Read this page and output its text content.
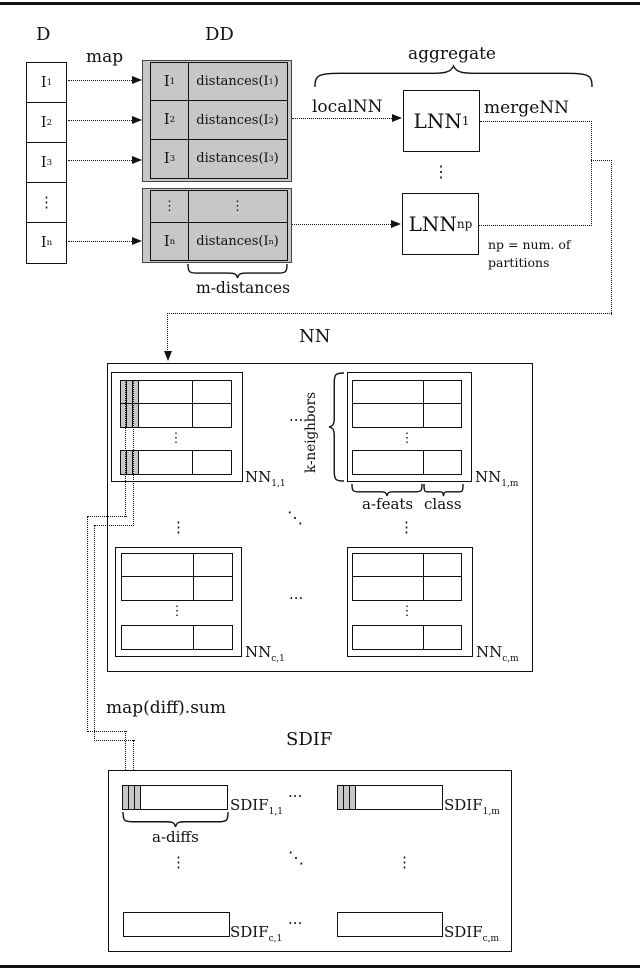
D
map
DD
I 1
I 2
I 3
⋮
I n
I 1 distances(I 1 )
I 2 distances(I 2 )
I 3 distances(I 3 )
⋮	⋮
I n distances(I n )
m-distances
aggregate
localNN	mergeNN
LNN 1
⋮
LNN np
np = num. of
partitions
NN
⋮
$NN_{1,1}$
... k-neighbors	⋮
$NN_{1,m}$
a-feats class
⋱
⋮	⋮
⋮
$NN_{c,1}$
...
⋮
$NN_{c,m}$
map(diff).sum
SDIF
$SDIF_{1,1}$
a-diffs
...
$SDIF_{1,m}$
⋮	⋱	⋮
$SDIF_{c,1}$
...
$SDIF_{c,m}$
